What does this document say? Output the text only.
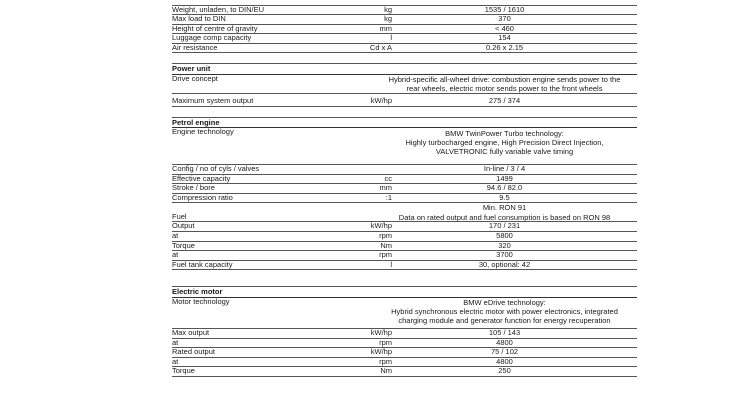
Weight, unladen, to DIN/EU	kg	1535 / 1610
Max load to DIN	kg	370
Height of centre of gravity	mm	< 460
Luggage comp capacity	l	154
Air resistance	Cd x A	0.26 x 2.15
Power unit
Drive concept	Hybrid-specific all-wheel drive: combustion engine sends power to the
rear wheels, electric motor sends power to the front wheels
Maximum system output	kW/hp	275 / 374
Petrol engine
Engine technology	BMW TwinPower Turbo technology:
Highly turbocharged engine, High Precision Direct Injection,
VALVETRONIC fully variable valve timing
Config / no of cyls / valves	In-line / 3 / 4
Effective capacity	cc	1499
Stroke / bore	mm	94.6 / 82.0
Compression ratio	:1	9.5
Fuel
Min. RON 91
Data on rated output and fuel consumption is based on RON 98
Output	kW/hp	170 / 231
at	rpm	5800
Torque	Nm	320
at	rpm	3700
Fuel tank capacity	l	30, optional: 42
Electric motor
Motor technology	BMW eDrive technology:
Hybrid synchronous electric motor with power electronics, integrated
charging module and generator function for energy recuperation
Max output	kW/hp	105 / 143
at	rpm	4800
Rated output	kW/hp	75 / 102
at	rpm	4800
Torque	Nm	250
